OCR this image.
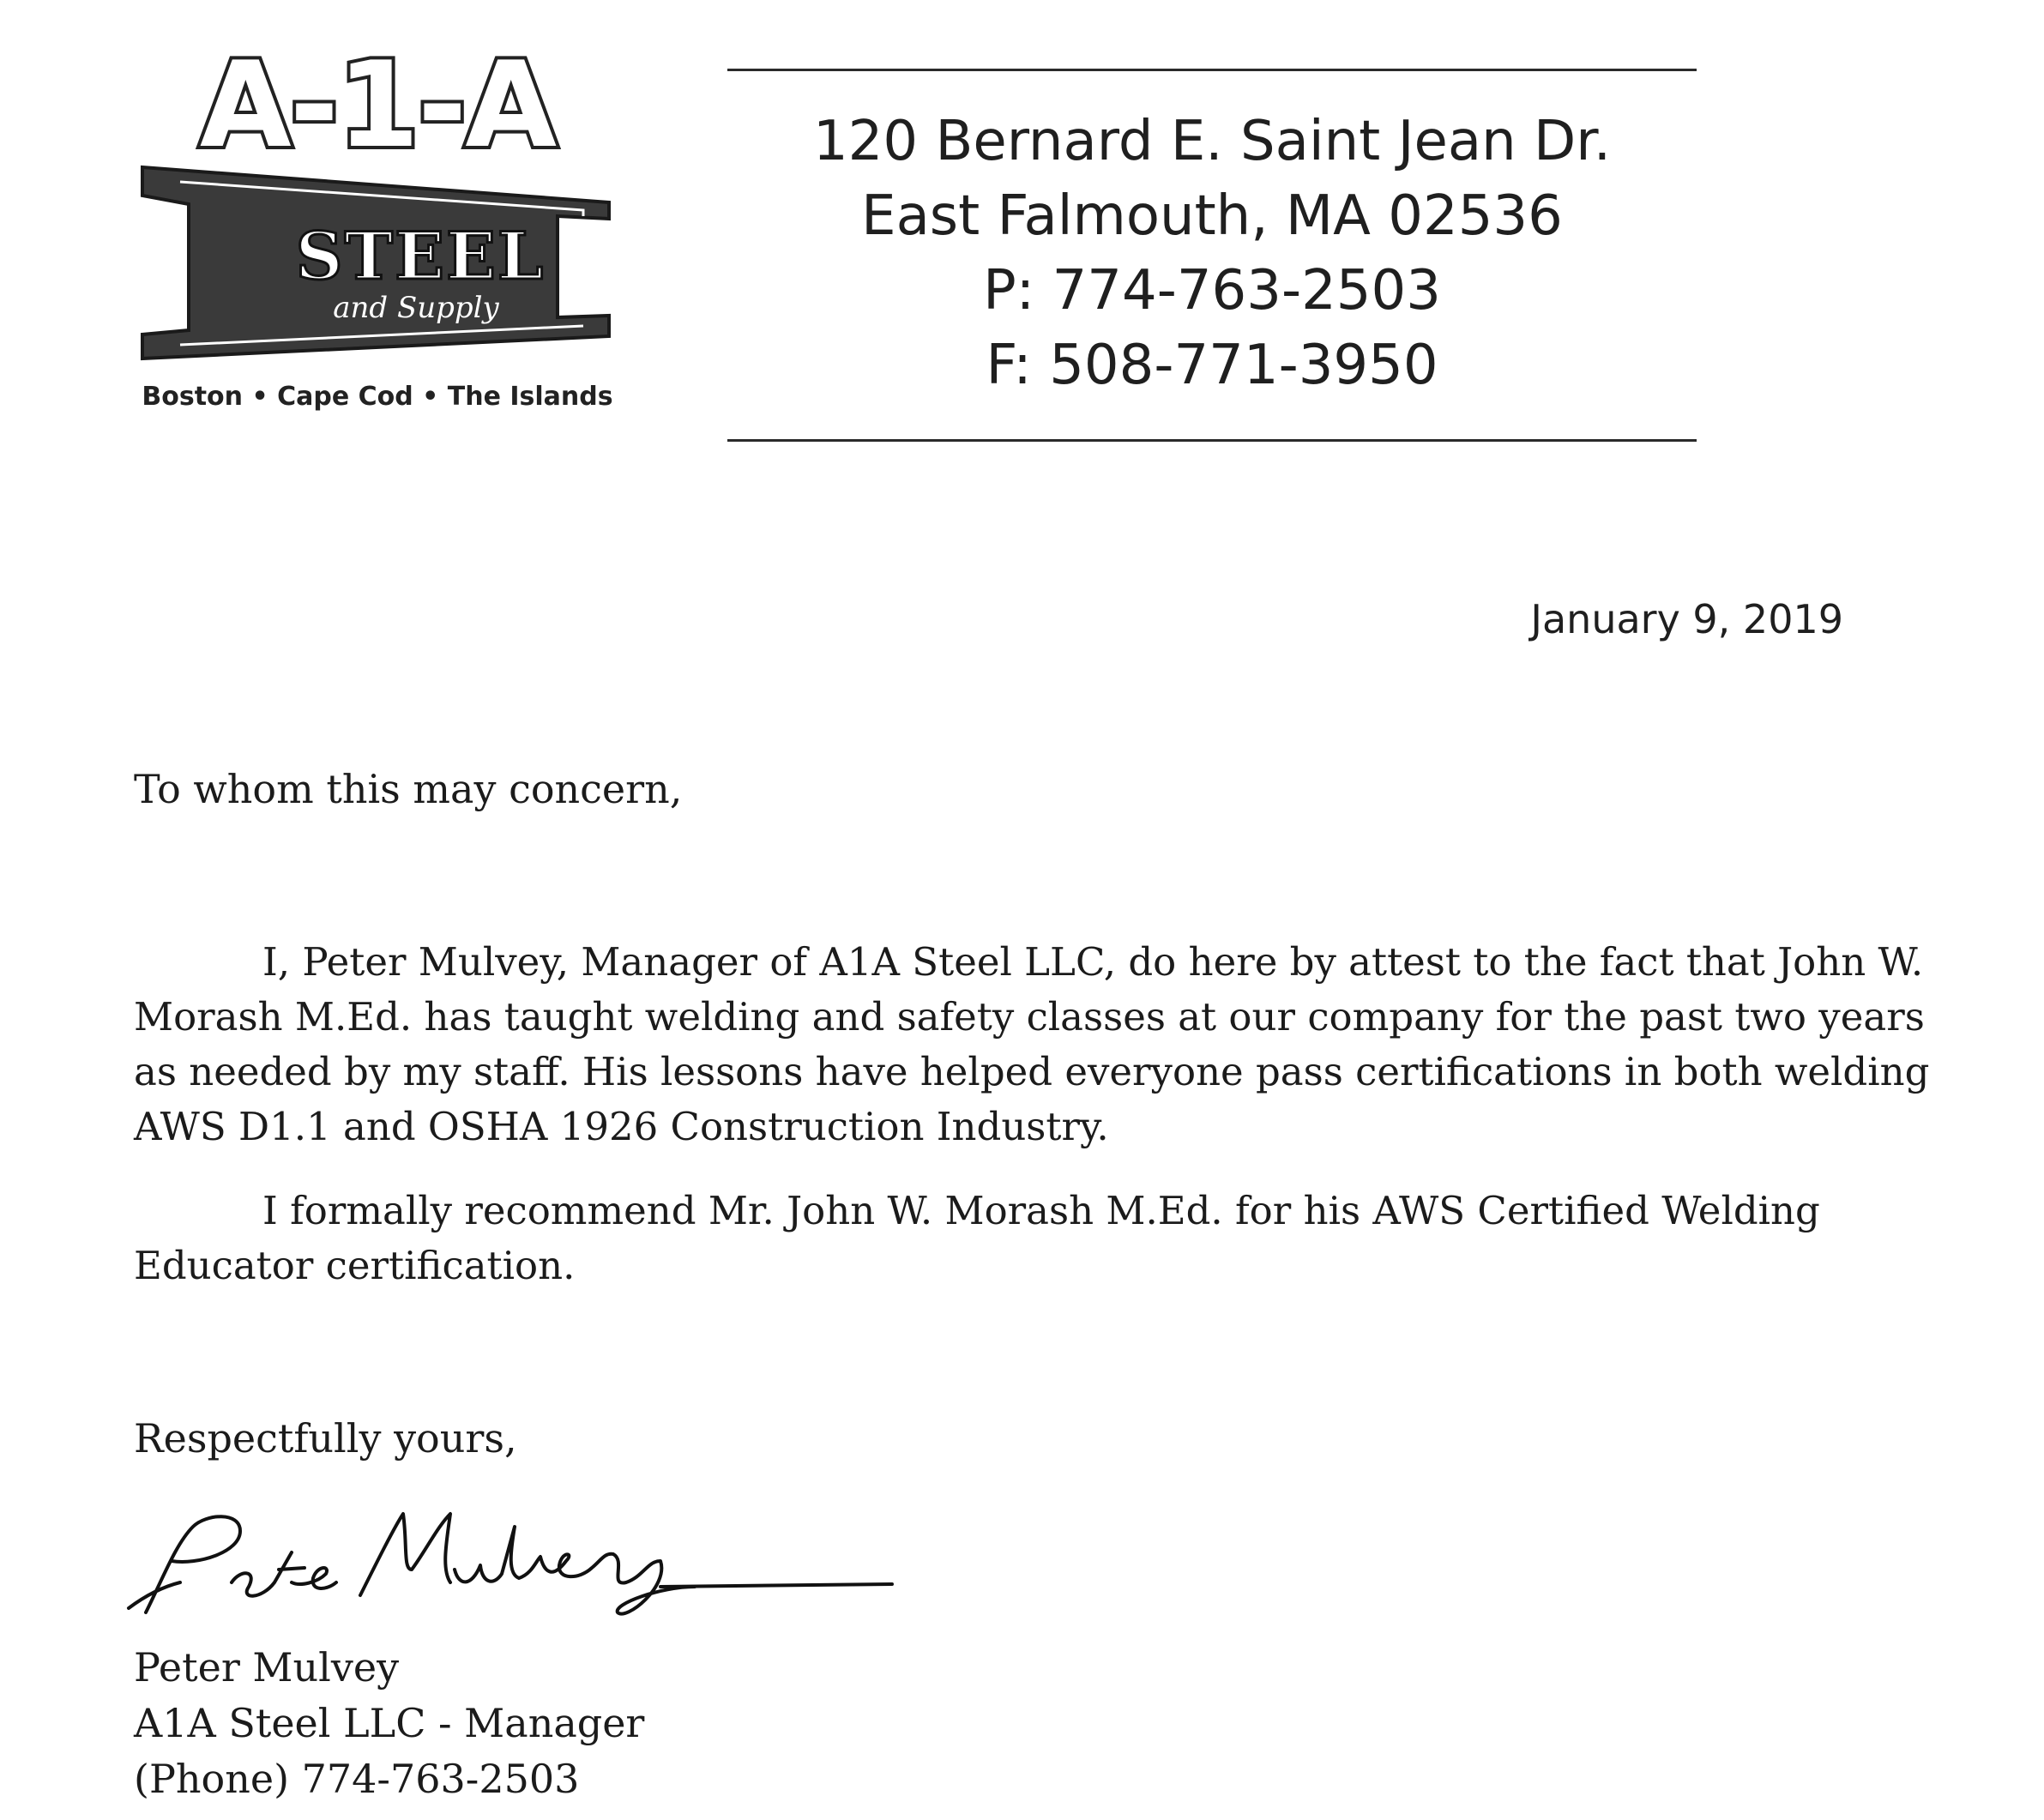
A-1-A
STEEL
and Supply
Boston • Cape Cod • The Islands
120 Bernard E. Saint Jean Dr.
East Falmouth, MA 02536
P: 774-763-2503
F: 508-771-3950
January 9, 2019
To whom this may concern,
I, Peter Mulvey, Manager of A1A Steel LLC, do here by attest to the fact that John W.
Morash M.Ed. has taught welding and safety classes at our company for the past two years
as needed by my staff. His lessons have helped everyone pass certifications in both welding
AWS D1.1 and OSHA 1926 Construction Industry.
I formally recommend Mr. John W. Morash M.Ed. for his AWS Certified Welding
Educator certification.
Respectfully yours,
Peter Mulvey
A1A Steel LLC - Manager
(Phone) 774-763-2503
